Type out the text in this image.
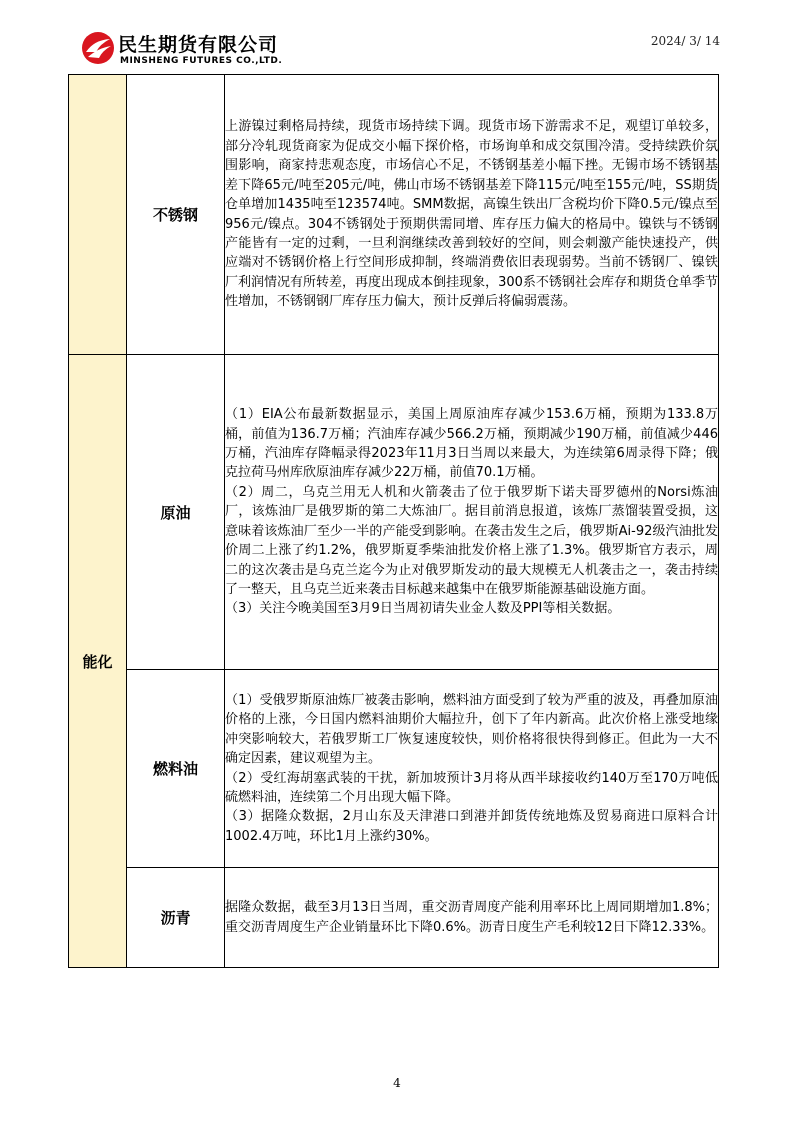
民生期货有限公司
MINSHENG FUTURES CO.,LTD.
2024/ 3/ 14
	不锈钢	上游镍过剩格局持续，现货市场持续下调。现货市场下游需求不足，观望订单较多，部分冷轧现货商家为促成交小幅下探价格，市场询单和成交氛围冷清。受持续跌价氛围影响，商家持悲观态度，市场信心不足，不锈钢基差小幅下挫。无锡市场不锈钢基差下降65元/吨至205元/吨，佛山市场不锈钢基差下降115元/吨至155元/吨，SS期货仓单增加1435吨至123574吨。SMM数据，高镍生铁出厂含税均价下降0.5元/镍点至956元/镍点。304不锈钢处于预期供需同增、库存压力偏大的格局中。镍铁与不锈钢产能皆有一定的过剩，一旦利润继续改善到较好的空间，则会刺激产能快速投产，供应端对不锈钢价格上行空间形成抑制，终端消费依旧表现弱势。当前不锈钢厂、镍铁厂利润情况有所转差，再度出现成本倒挂现象，300系不锈钢社会库存和期货仓单季节性增加，不锈钢钢厂库存压力偏大，预计反弹后将偏弱震荡。

能化	原油	（1）EIA公布最新数据显示，美国上周原油库存减少153.6万桶，预期为133.8万桶，前值为136.7万桶；汽油库存减少566.2万桶，预期减少190万桶，前值减少446万桶，汽油库存降幅录得2023年11月3日当周以来最大，为连续第6周录得下降；俄克拉荷马州库欣原油库存减少22万桶，前值70.1万桶。

（2）周二，乌克兰用无人机和火箭袭击了位于俄罗斯下诺夫哥罗德州的Norsi炼油厂，该炼油厂是俄罗斯的第二大炼油厂。据目前消息报道，该炼厂蒸馏装置受损，这意味着该炼油厂至少一半的产能受到影响。在袭击发生之后，俄罗斯Ai-92级汽油批发价周二上涨了约1.2%，俄罗斯夏季柴油批发价格上涨了1.3%。俄罗斯官方表示，周二的这次袭击是乌克兰迄今为止对俄罗斯发动的最大规模无人机袭击之一，袭击持续了一整天，且乌克兰近来袭击目标越来越集中在俄罗斯能源基础设施方面。

（3）关注今晚美国至3月9日当周初请失业金人数及PPI等相关数据。

	燃料油	（1）受俄罗斯原油炼厂被袭击影响，燃料油方面受到了较为严重的波及，再叠加原油价格的上涨，今日国内燃料油期价大幅拉升，创下了年内新高。此次价格上涨受地缘冲突影响较大，若俄罗斯工厂恢复速度较快，则价格将很快得到修正。但此为一大不确定因素，建议观望为主。

（2）受红海胡塞武装的干扰，新加坡预计3月将从西半球接收约140万至170万吨低硫燃料油，连续第二个月出现大幅下降。

（3）据隆众数据，2月山东及天津港口到港并卸货传统地炼及贸易商进口原料合计1002.4万吨，环比1月上涨约30%。

	沥青	据隆众数据，截至3月13日当周，重交沥青周度产能利用率环比上周同期增加1.8%；重交沥青周度生产企业销量环比下降0.6%。沥青日度生产毛利较12日下降12.33%。

4
